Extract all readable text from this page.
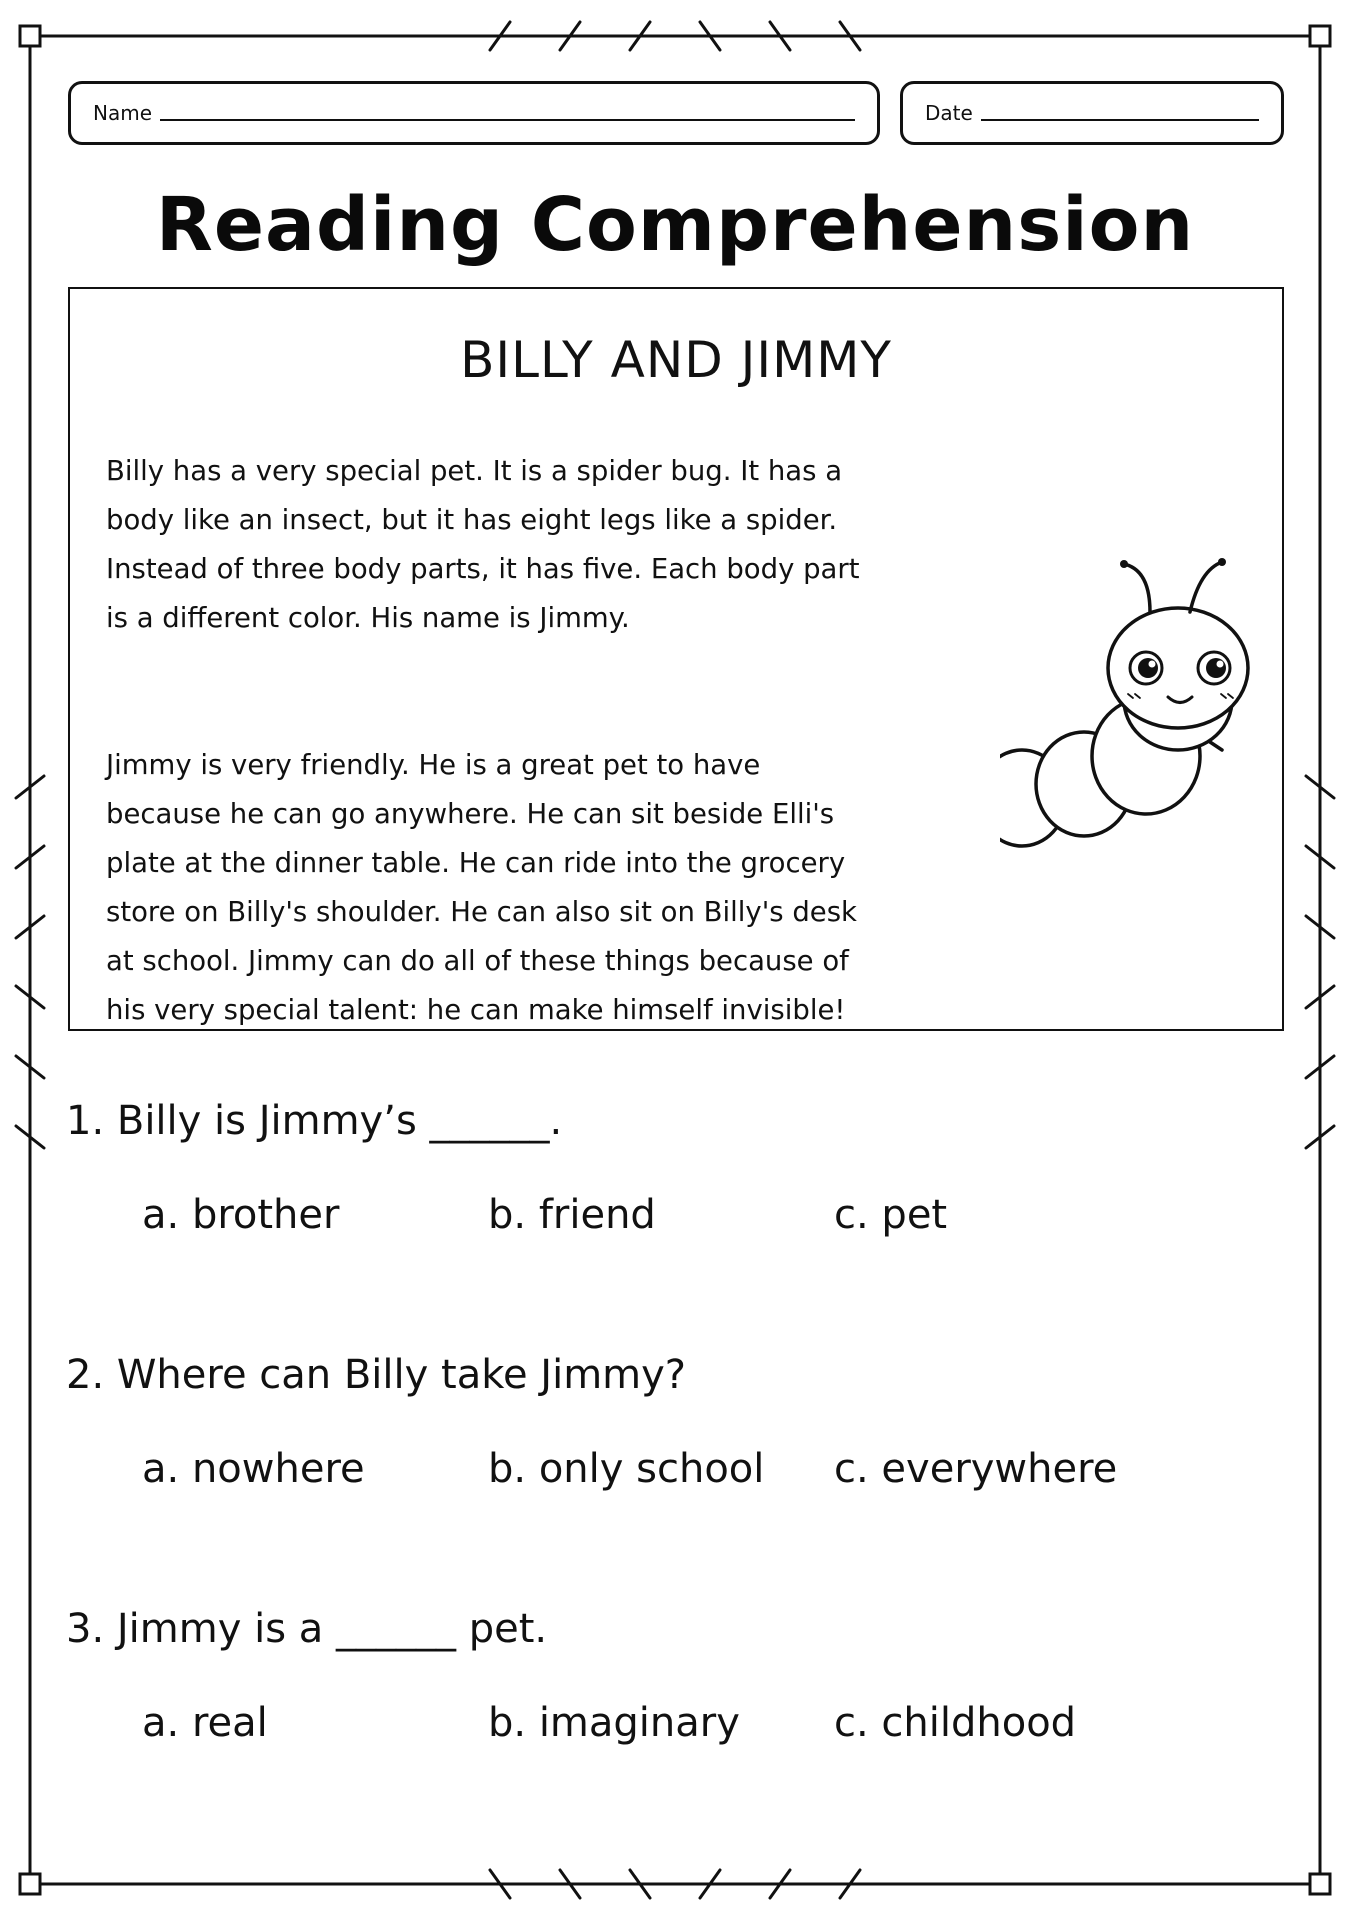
Name	Date
Reading Comprehension
BILLY AND JIMMY

Billy has a very special pet. It is a spider bug. It has a body like an insect, but it has eight legs like a spider. Instead of three body parts, it has five. Each body part is a different color. His name is Jimmy.

Jimmy is very friendly. He is a great pet to have because he can go anywhere. He can sit beside Elli's plate at the dinner table. He can ride into the grocery store on Billy's shoulder. He can also sit on Billy's desk at school. Jimmy can do all of these things because of his very special talent: he can make himself invisible!

1. Billy is Jimmy’s ______.
a. brother	b. friend	c. pet
2. Where can Billy take Jimmy?
a. nowhere	b. only school c. everywhere
3. Jimmy is a ______ pet.
a. real	b. imaginary c. childhood
